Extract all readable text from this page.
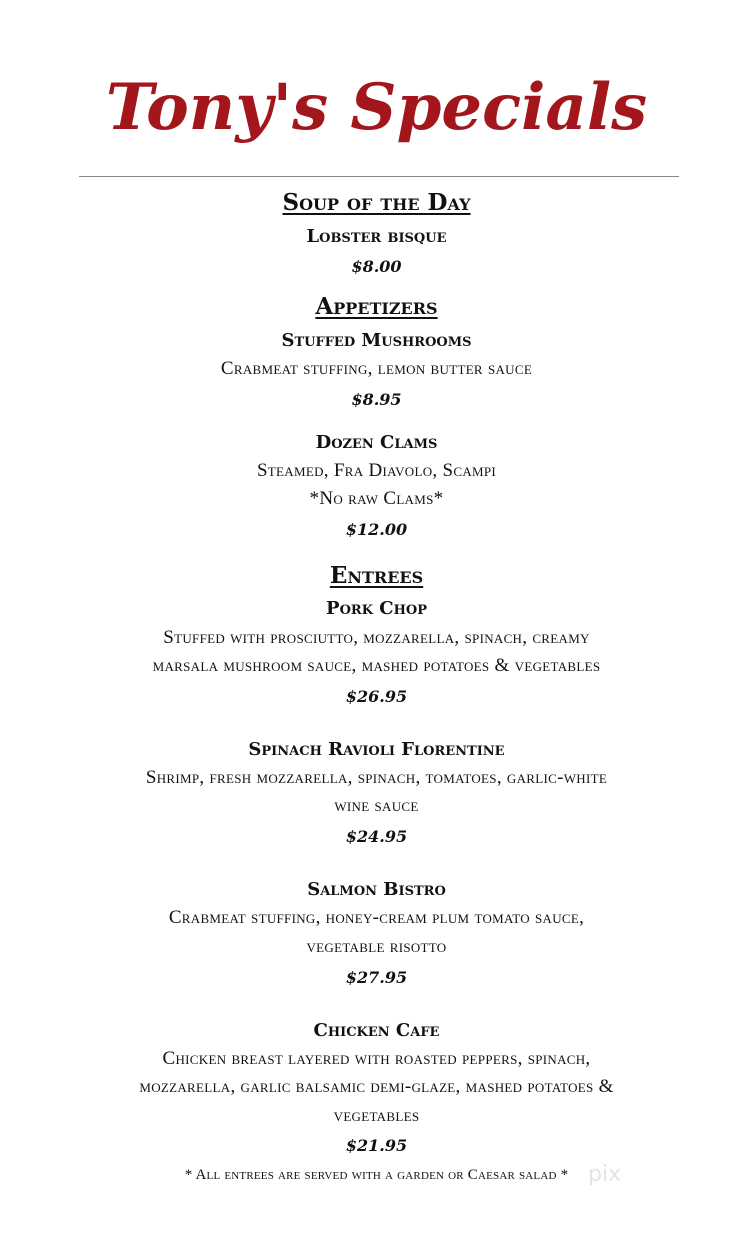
Tony's Specials
Soup of the Day
Lobster bisque
$8.00
Appetizers
Stuffed Mushrooms
Crabmeat stuffing, lemon butter sauce
$8.95
Dozen Clams
Steamed, Fra Diavolo, Scampi
*No raw Clams*
$12.00
Entrees
Pork Chop
Stuffed with prosciutto, mozzarella, spinach, creamy
marsala mushroom sauce, mashed potatoes & vegetables
$26.95
Spinach Ravioli Florentine
Shrimp, fresh mozzarella, spinach, tomatoes, garlic-white
wine sauce
$24.95
Salmon Bistro
Crabmeat stuffing, honey-cream plum tomato sauce,
vegetable risotto
$27.95
Chicken Cafe
Chicken breast layered with roasted peppers, spinach,
mozzarella, garlic balsamic demi-glaze, mashed potatoes &
vegetables
$21.95
* All entrees are served with a garden or Caesar salad * pix
